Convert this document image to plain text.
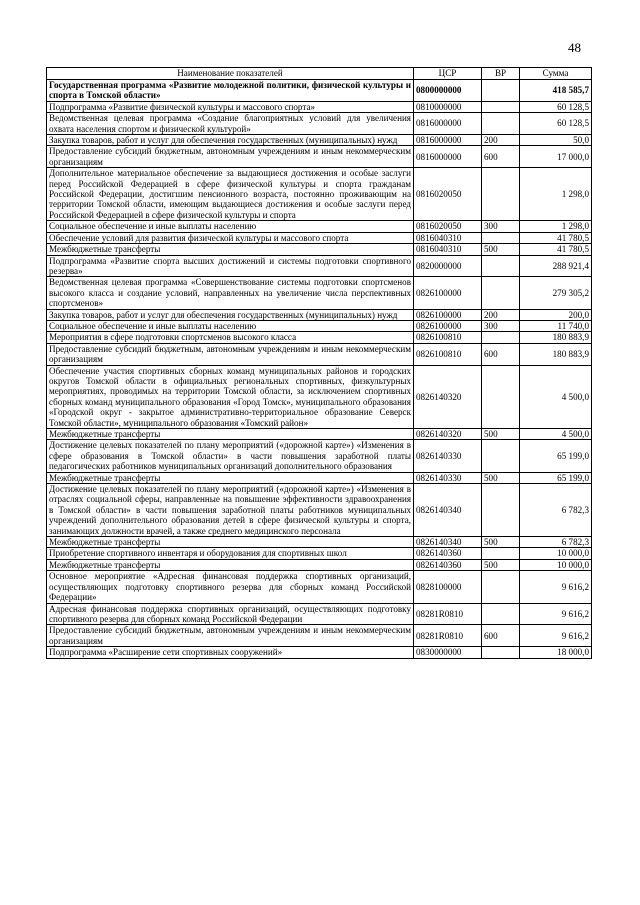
48
Наименование показателей	ЦСР	ВР	Сумма
Государственная программа «Развитие молодежной политики, физической культуры и спорта в Томской области»	0800000000		418 585,7
Подпрограмма «Развитие физической культуры и массового спорта»	0810000000		60 128,5
Ведомственная целевая программа «Создание благоприятных условий для увеличения охвата населения спортом и физической культурой»	0816000000		60 128,5
Закупка товаров, работ и услуг для обеспечения государственных (муниципальных) нужд	0816000000	200	50,0
Предоставление субсидий бюджетным, автономным учреждениям и иным некоммерческим организациям	0816000000	600	17 000,0
Дополнительное материальное обеспечение за выдающиеся достижения и особые заслуги перед Российской Федерацией в сфере физической культуры и спорта гражданам Российской Федерации, достигшим пенсионного возраста, постоянно проживающим на территории Томской области, имеющим выдающиеся достижения и особые заслуги перед Российской Федерацией в сфере физической культуры и спорта	0816020050		1 298,0
Социальное обеспечение и иные выплаты населению	0816020050	300	1 298,0
Обеспечение условий для развития физической культуры и массового спорта	0816040310		41 780,5
Межбюджетные трансферты	0816040310	500	41 780,5
Подпрограмма «Развитие спорта высших достижений и системы подготовки спортивного резерва»	0820000000		288 921,4
Ведомственная целевая программа «Совершенствование системы подготовки спортсменов высокого класса и создание условий, направленных на увеличение числа перспективных спортсменов»	0826100000		279 305,2
Закупка товаров, работ и услуг для обеспечения государственных (муниципальных) нужд	0826100000	200	200,0
Социальное обеспечение и иные выплаты населению	0826100000	300	11 740,0
Мероприятия в сфере подготовки спортсменов высокого класса	0826100810		180 883,9
Предоставление субсидий бюджетным, автономным учреждениям и иным некоммерческим организациям	0826100810	600	180 883,9
Обеспечение участия спортивных сборных команд муниципальных районов и городских округов Томской области в официальных региональных спортивных, физкультурных мероприятиях, проводимых на территории Томской области, за исключением спортивных сборных команд муниципального образования «Город Томск», муниципального образования «Городской округ - закрытое административно-территориальное образование Северск Томской области», муниципального образования «Томский район»	0826140320		4 500,0
Межбюджетные трансферты	0826140320	500	4 500,0
Достижение целевых показателей по плану мероприятий («дорожной карте») «Изменения в сфере образования в Томской области» в части повышения заработной платы педагогических работников муниципальных организаций дополнительного образования	0826140330		65 199,0
Межбюджетные трансферты	0826140330	500	65 199,0
Достижение целевых показателей по плану мероприятий («дорожной карте») «Изменения в отраслях социальной сферы, направленные на повышение эффективности здравоохранения в Томской области» в части повышения заработной платы работников муниципальных учреждений дополнительного образования детей в сфере физической культуры и спорта, занимающих должности врачей, а также среднего медицинского персонала	0826140340		6 782,3
Межбюджетные трансферты	0826140340	500	6 782,3
Приобретение спортивного инвентаря и оборудования для спортивных школ	0826140360		10 000,0
Межбюджетные трансферты	0826140360	500	10 000,0
Основное мероприятие «Адресная финансовая поддержка спортивных организаций, осуществляющих подготовку спортивного резерва для сборных команд Российской Федерации»	0828100000		9 616,2
Адресная финансовая поддержка спортивных организаций, осуществляющих подготовку спортивного резерва для сборных команд Российской Федерации	08281R0810		9 616,2
Предоставление субсидий бюджетным, автономным учреждениям и иным некоммерческим организациям	08281R0810	600	9 616,2
Подпрограмма «Расширение сети спортивных сооружений»	0830000000		18 000,0
